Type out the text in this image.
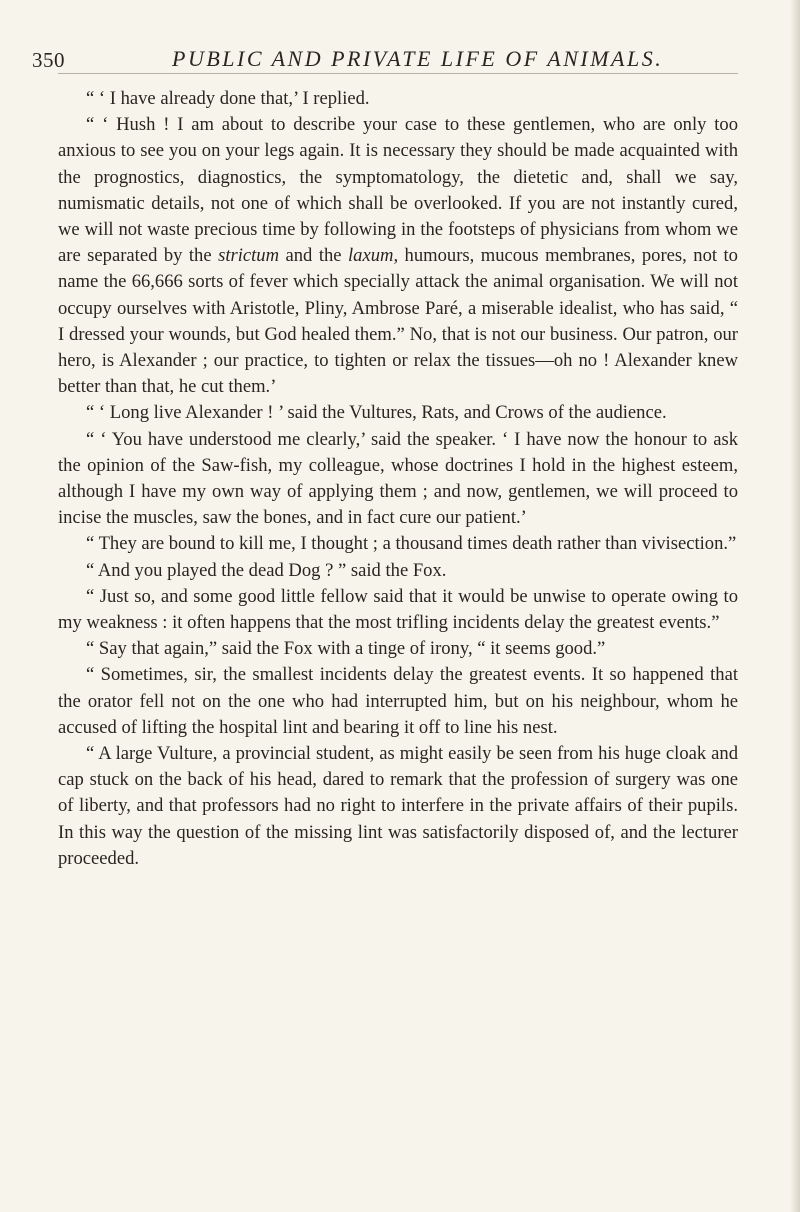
350	PUBLIC AND PRIVATE LIFE OF ANIMALS.

“ ‘ I have already done that,’ I replied.

“ ‘ Hush ! I am about to describe your case to these gentlemen, who are only too anxious to see you on your legs again. It is necessary they should be made acquainted with the prognostics, diagnostics, the symptomatology, the dietetic and, shall we say, numismatic details, not one of which shall be overlooked. If you are not instantly cured, we will not waste precious time by following in the footsteps of physicians from whom we are separated by the strictum and the laxum, humours, mucous membranes, pores, not to name the 66,666 sorts of fever which specially attack the animal organisation. We will not occupy ourselves with Aristotle, Pliny, Ambrose Paré, a miserable idealist, who has said, “ I dressed your wounds, but God healed them.” No, that is not our business. Our patron, our hero, is Alexander ; our practice, to tighten or relax the tissues—oh no ! Alexander knew better than that, he cut them.’

“ ‘ Long live Alexander ! ’ said the Vultures, Rats, and Crows of the audience.

“ ‘ You have understood me clearly,’ said the speaker. ‘ I have now the honour to ask the opinion of the Saw-fish, my colleague, whose doctrines I hold in the highest esteem, although I have my own way of applying them ; and now, gentlemen, we will proceed to incise the muscles, saw the bones, and in fact cure our patient.’

“ They are bound to kill me, I thought ; a thousand times death rather than vivisection.”

“ And you played the dead Dog ? ” said the Fox.

“ Just so, and some good little fellow said that it would be unwise to operate owing to my weakness : it often happens that the most trifling incidents delay the greatest events.”

“ Say that again,” said the Fox with a tinge of irony, “ it seems good.”

“ Sometimes, sir, the smallest incidents delay the greatest events. It so happened that the orator fell not on the one who had interrupted him, but on his neighbour, whom he accused of lifting the hospital lint and bearing it off to line his nest.

“ A large Vulture, a provincial student, as might easily be seen from his huge cloak and cap stuck on the back of his head, dared to remark that the profession of surgery was one of liberty, and that professors had no right to interfere in the private affairs of their pupils. In this way the question of the missing lint was satisfactorily disposed of, and the lecturer proceeded.
